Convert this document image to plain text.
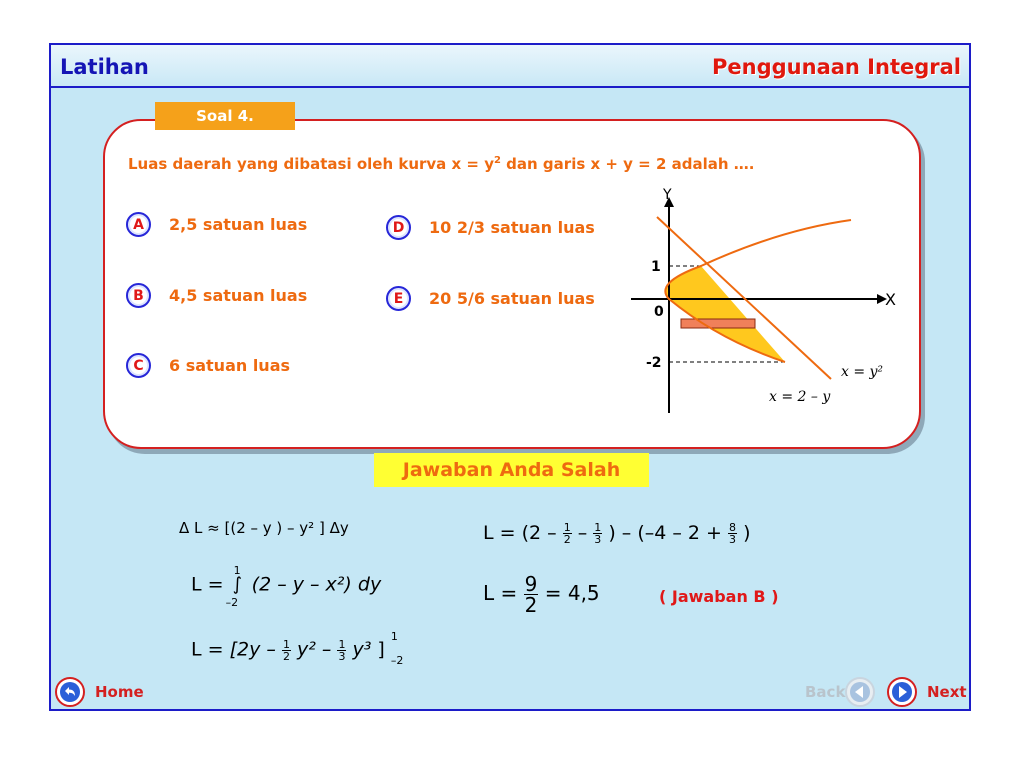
Latihan	Penggunaan Integral
Soal 4.
Luas daerah yang dibatasi oleh kurva $x = y^2$ dan garis x + y = 2 adalah ….
A	2,5 satuan luas
B	4,5 satuan luas
C	6 satuan luas
D	10 2/3 satuan luas
E	20 5/6 satuan luas
Y
X
1
0
-2
x = y²
x = 2 – y
Jawaban Anda Salah
Δ L ≈ [(2 – y ) – y² ] Δy
L =
1
∫
–2
(2 – y – x²) dy
$L = [2y - \frac{1}{2} y^2 - \frac{1}{3} y^3$ ]
1
–2
$L = (2 - \frac{1}{2} - \frac{1}{3}$ ) – ($-4 - 2 + \frac{8}{3}$ )
$L = \frac{9}{2} = 4,5$	( Jawaban B )
Home	Back	Next
